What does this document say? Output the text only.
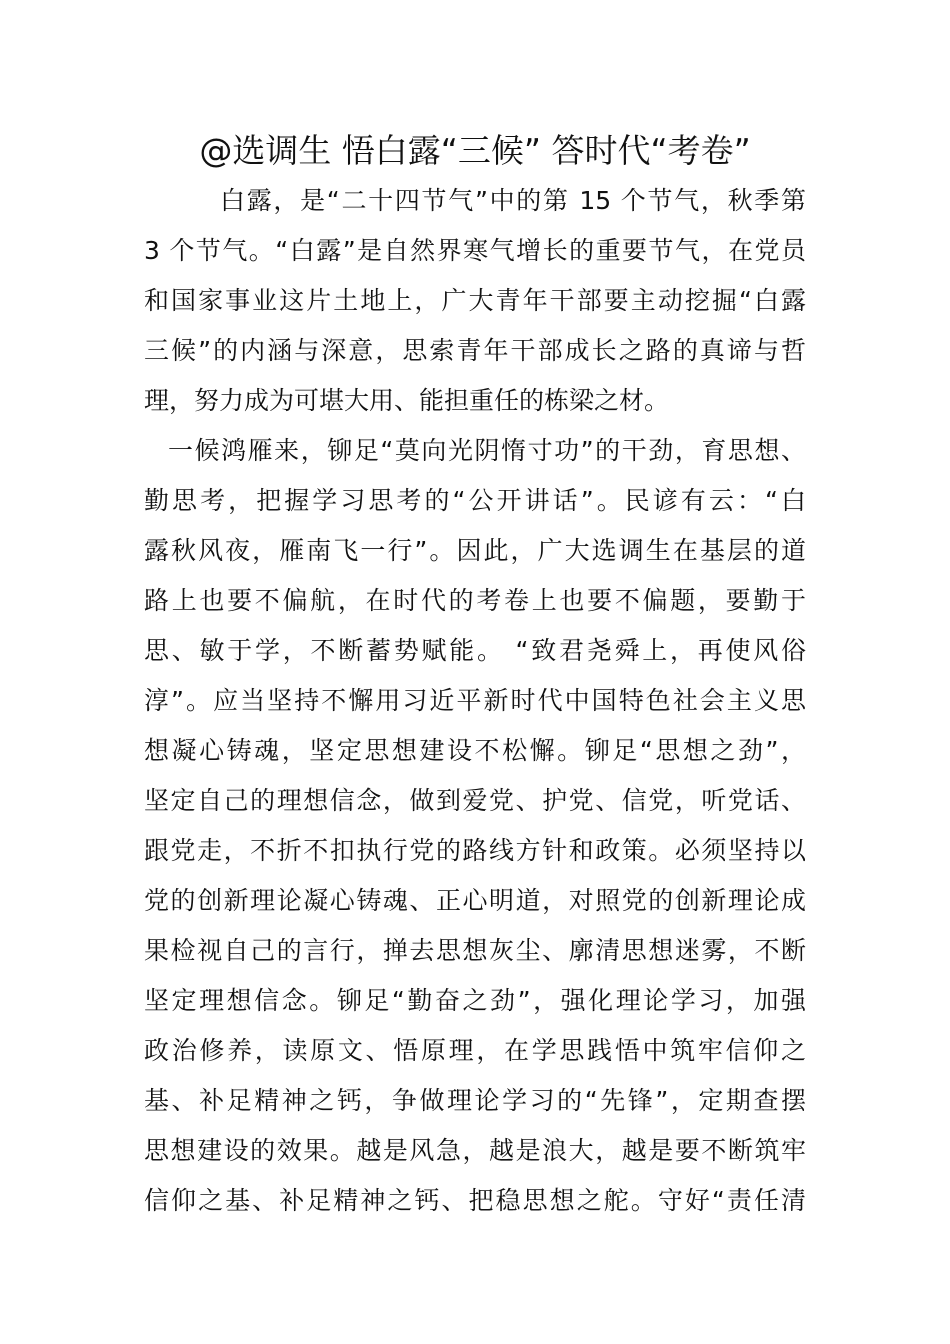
@选调生 悟白露“三候” 答时代“考卷”
白露，是“二十四节气”中的第 15 个节气，秋季第
3 个节气。“白露”是自然界寒气增长的重要节气，在党员
和国家事业这片土地上，广大青年干部要主动挖掘“白露
三候”的内涵与深意，思索青年干部成长之路的真谛与哲
理，努力成为可堪大用、能担重任的栋梁之材。
一候鸿雁来，铆足“莫向光阴惰寸功”的干劲，育思想、
勤思考，把握学习思考的“公开讲话”。民谚有云：“白
露秋风夜，雁南飞一行”。因此，广大选调生在基层的道
路上也要不偏航，在时代的考卷上也要不偏题，要勤于
思、敏于学，不断蓄势赋能。 “致君尧舜上，再使风俗
淳”。应当坚持不懈用习近平新时代中国特色社会主义思
想凝心铸魂，坚定思想建设不松懈。铆足“思想之劲”，
坚定自己的理想信念，做到爱党、护党、信党，听党话、
跟党走，不折不扣执行党的路线方针和政策。必须坚持以
党的创新理论凝心铸魂、正心明道，对照党的创新理论成
果检视自己的言行，掸去思想灰尘、廓清思想迷雾，不断
坚定理想信念。铆足“勤奋之劲”，强化理论学习，加强
政治修养，读原文、悟原理，在学思践悟中筑牢信仰之
基、补足精神之钙，争做理论学习的“先锋”，定期查摆
思想建设的效果。越是风急，越是浪大，越是要不断筑牢
信仰之基、补足精神之钙、把稳思想之舵。守好“责任清
